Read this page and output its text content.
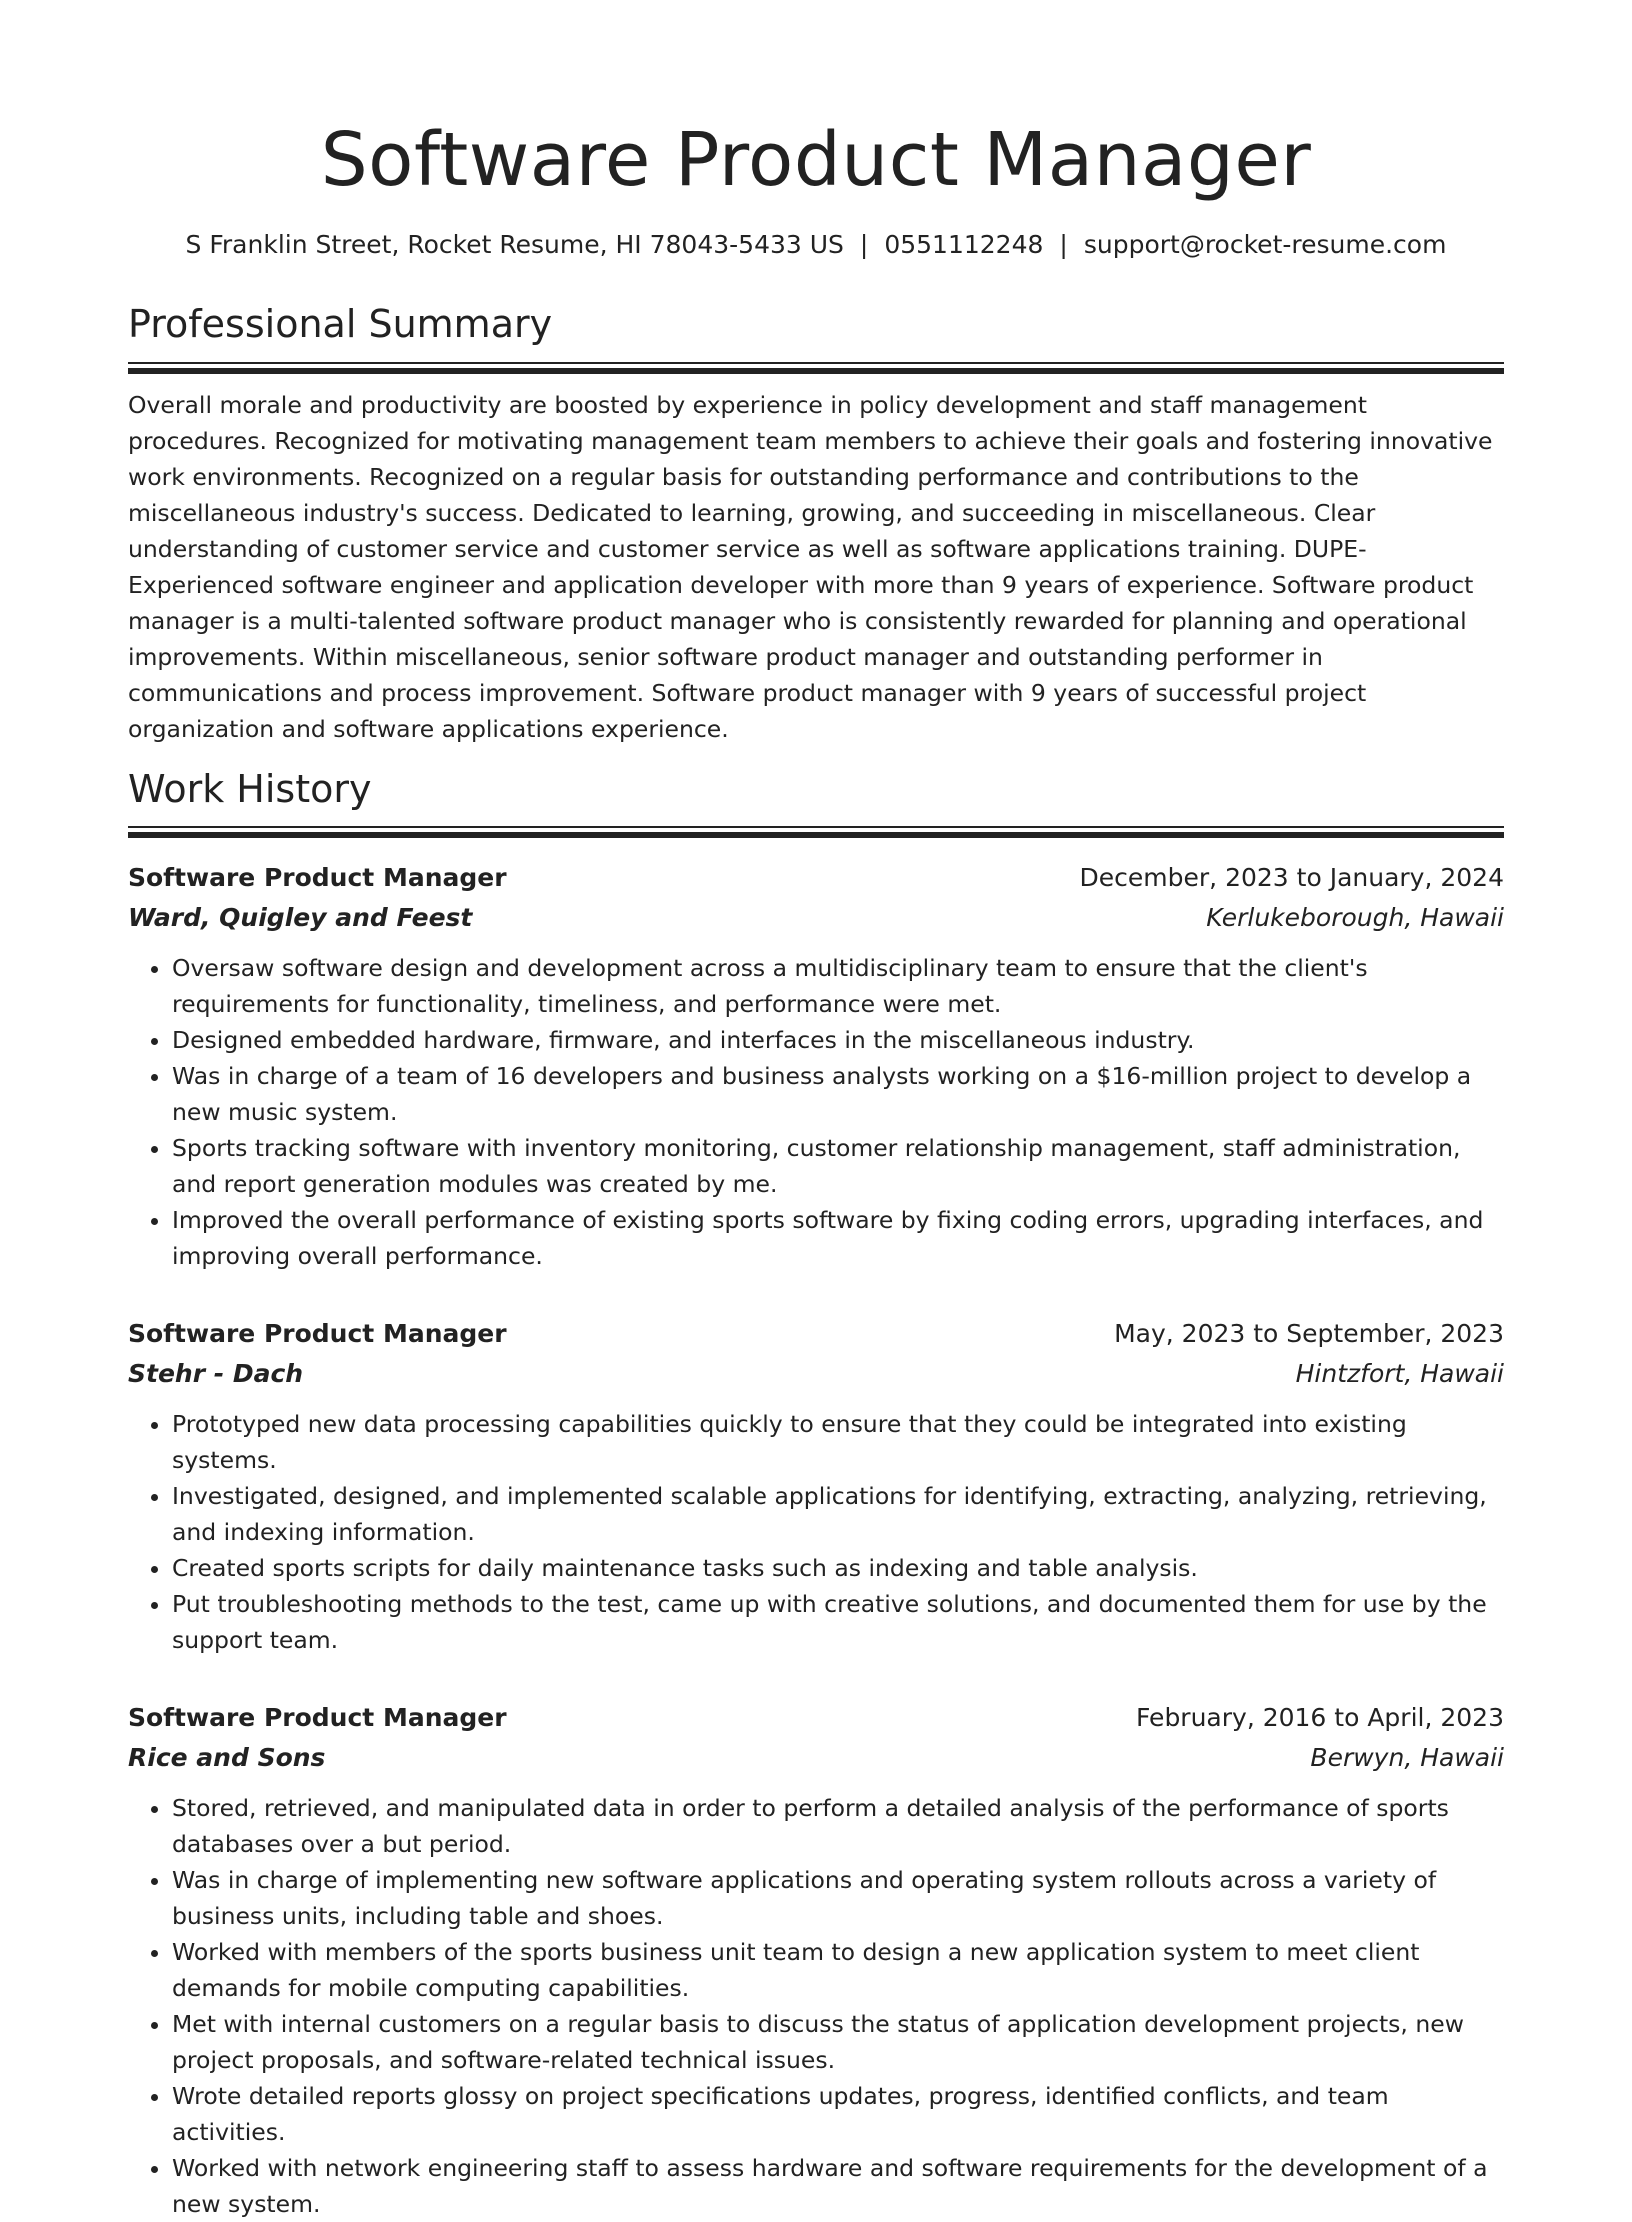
Software Product Manager
S Franklin Street, Rocket Resume, HI 78043-5433 US | 0551112248 | support@rocket-resume.com
Professional Summary

Overall morale and productivity are boosted by experience in policy development and staff management procedures. Recognized for motivating management team members to achieve their goals and fostering innovative work environments. Recognized on a regular basis for outstanding performance and contributions to the miscellaneous industry's success. Dedicated to learning, growing, and succeeding in miscellaneous. Clear understanding of customer service and customer service as well as software applications training. DUPE- Experienced software engineer and application developer with more than 9 years of experience. Software product manager is a multi-talented software product manager who is consistently rewarded for planning and operational improvements. Within miscellaneous, senior software product manager and outstanding performer in communications and process improvement. Software product manager with 9 years of successful project organization and software applications experience.

Work History
Software Product Manager	December, 2023 to January, 2024
Ward, Quigley and Feest	Kerlukeborough, Hawaii
• Oversaw software design and development across a multidisciplinary team to ensure that the client's requirements for functionality, timeliness, and performance were met.
• Designed embedded hardware, firmware, and interfaces in the miscellaneous industry.
• Was in charge of a team of 16 developers and business analysts working on a $16-million project to develop a new music system.
• Sports tracking software with inventory monitoring, customer relationship management, staff administration, and report generation modules was created by me.
• Improved the overall performance of existing sports software by fixing coding errors, upgrading interfaces, and improving overall performance.
Software Product Manager	May, 2023 to September, 2023
Stehr - Dach	Hintzfort, Hawaii
• Prototyped new data processing capabilities quickly to ensure that they could be integrated into existing systems.
• Investigated, designed, and implemented scalable applications for identifying, extracting, analyzing, retrieving, and indexing information.
• Created sports scripts for daily maintenance tasks such as indexing and table analysis.
• Put troubleshooting methods to the test, came up with creative solutions, and documented them for use by the support team.
Software Product Manager	February, 2016 to April, 2023
Rice and Sons	Berwyn, Hawaii
• Stored, retrieved, and manipulated data in order to perform a detailed analysis of the performance of sports databases over a but period.
• Was in charge of implementing new software applications and operating system rollouts across a variety of business units, including table and shoes.
• Worked with members of the sports business unit team to design a new application system to meet client demands for mobile computing capabilities.
• Met with internal customers on a regular basis to discuss the status of application development projects, new project proposals, and software-related technical issues.
• Wrote detailed reports glossy on project specifications updates, progress, identified conflicts, and team activities.
• Worked with network engineering staff to assess hardware and software requirements for the development of a new system.
